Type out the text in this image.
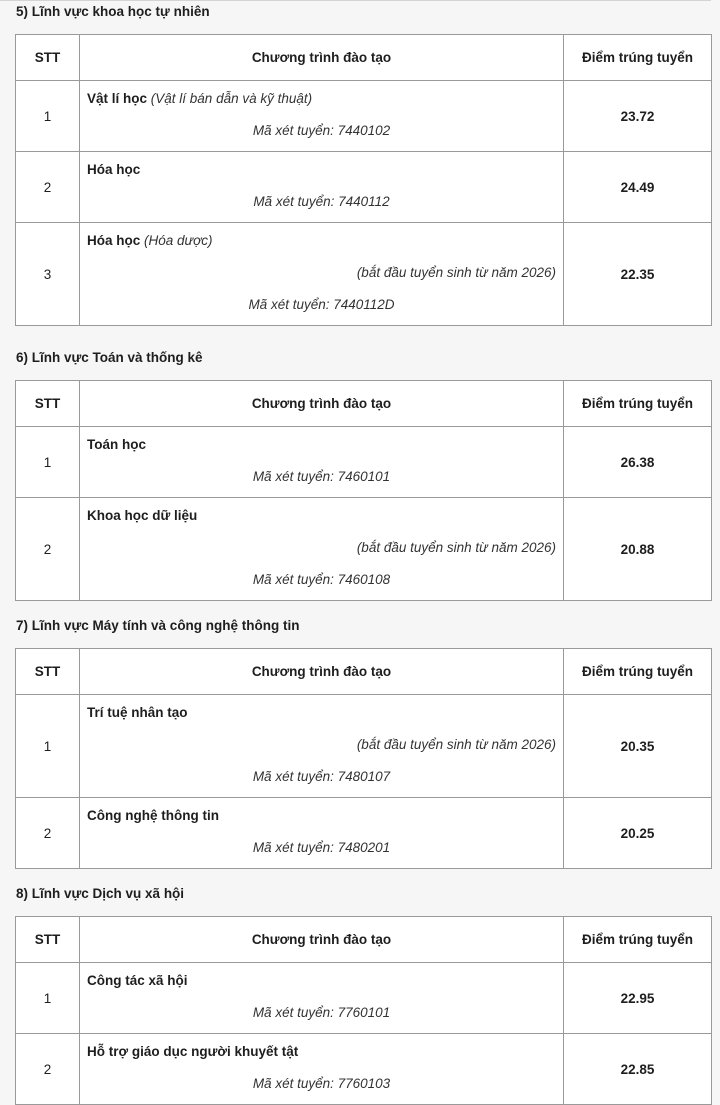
5) Lĩnh vực khoa học tự nhiên
STT	Chương trình đào tạo	Điểm trúng tuyển
1	Vật lí học (Vật lí bán dẫn và kỹ thuật)
Mã xét tuyển: 7440102	23.72
2	Hóa học
Mã xét tuyển: 7440112	24.49
3	Hóa học (Hóa dược)
(bắt đầu tuyển sinh từ năm 2026)
Mã xét tuyển: 7440112D	22.35
6) Lĩnh vực Toán và thống kê
STT	Chương trình đào tạo	Điểm trúng tuyển
1	Toán học
Mã xét tuyển: 7460101	26.38
2	Khoa học dữ liệu
(bắt đầu tuyển sinh từ năm 2026)
Mã xét tuyển: 7460108	20.88
7) Lĩnh vực Máy tính và công nghệ thông tin
STT	Chương trình đào tạo	Điểm trúng tuyển
1	Trí tuệ nhân tạo
(bắt đầu tuyển sinh từ năm 2026)
Mã xét tuyển: 7480107	20.35
2	Công nghệ thông tin
Mã xét tuyển: 7480201	20.25
8) Lĩnh vực Dịch vụ xã hội
STT	Chương trình đào tạo	Điểm trúng tuyển
1	Công tác xã hội
Mã xét tuyển: 7760101	22.95
2	Hỗ trợ giáo dục người khuyết tật
Mã xét tuyển: 7760103	22.85
